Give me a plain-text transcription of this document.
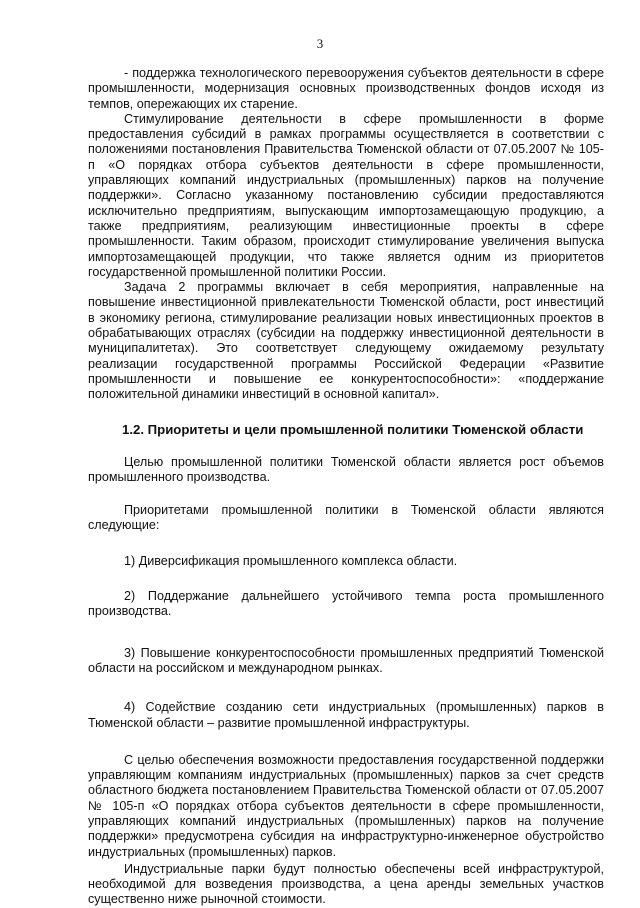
3

- поддержка технологического перевооружения субъектов деятельности в сфере промышленности, модернизация основных производственных фондов исходя из темпов, опережающих их старение.

Стимулирование деятельности в сфере промышленности в форме предоставления субсидий в рамках программы осуществляется в соответствии с положениями постановления Правительства Тюменской области от 07.05.2007 № 105-п «О порядках отбора субъектов деятельности в сфере промышленности, управляющих компаний индустриальных (промышленных) парков на получение поддержки». Согласно указанному постановлению субсидии предоставляются исключительно предприятиям, выпускающим импортозамещающую продукцию, а также предприятиям, реализующим инвестиционные проекты в сфере промышленности. Таким образом, происходит стимулирование увеличения выпуска импортозамещающей продукции, что также является одним из приоритетов государственной промышленной политики России.

Задача 2 программы включает в себя мероприятия, направленные на повышение инвестиционной привлекательности Тюменской области, рост инвестиций в экономику региона, стимулирование реализации новых инвестиционных проектов в обрабатывающих отраслях (субсидии на поддержку инвестиционной деятельности в муниципалитетах). Это соответствует следующему ожидаемому результату реализации государственной программы Российской Федерации «Развитие промышленности и повышение ее конкурентоспособности»: «поддержание положительной динамики инвестиций в основной капитал».

1.2. Приоритеты и цели промышленной политики Тюменской области

Целью промышленной политики Тюменской области является рост объемов промышленного производства.

Приоритетами промышленной политики в Тюменской области являются следующие:

1) Диверсификация промышленного комплекса области.

2) Поддержание дальнейшего устойчивого темпа роста промышленного производства.

3) Повышение конкурентоспособности промышленных предприятий Тюменской области на российском и международном рынках.

4) Содействие созданию сети индустриальных (промышленных) парков в Тюменской области – развитие промышленной инфраструктуры.

С целью обеспечения возможности предоставления государственной поддержки управляющим компаниям индустриальных (промышленных) парков за счет средств областного бюджета постановлением Правительства Тюменской области от 07.05.2007 № 105-п «О порядках отбора субъектов деятельности в сфере промышленности, управляющих компаний индустриальных (промышленных) парков на получение поддержки» предусмотрена субсидия на инфраструктурно-инженерное обустройство индустриальных (промышленных) парков.

Индустриальные парки будут полностью обеспечены всей инфраструктурой, необходимой для возведения производства, а цена аренды земельных участков существенно ниже рыночной стоимости.
